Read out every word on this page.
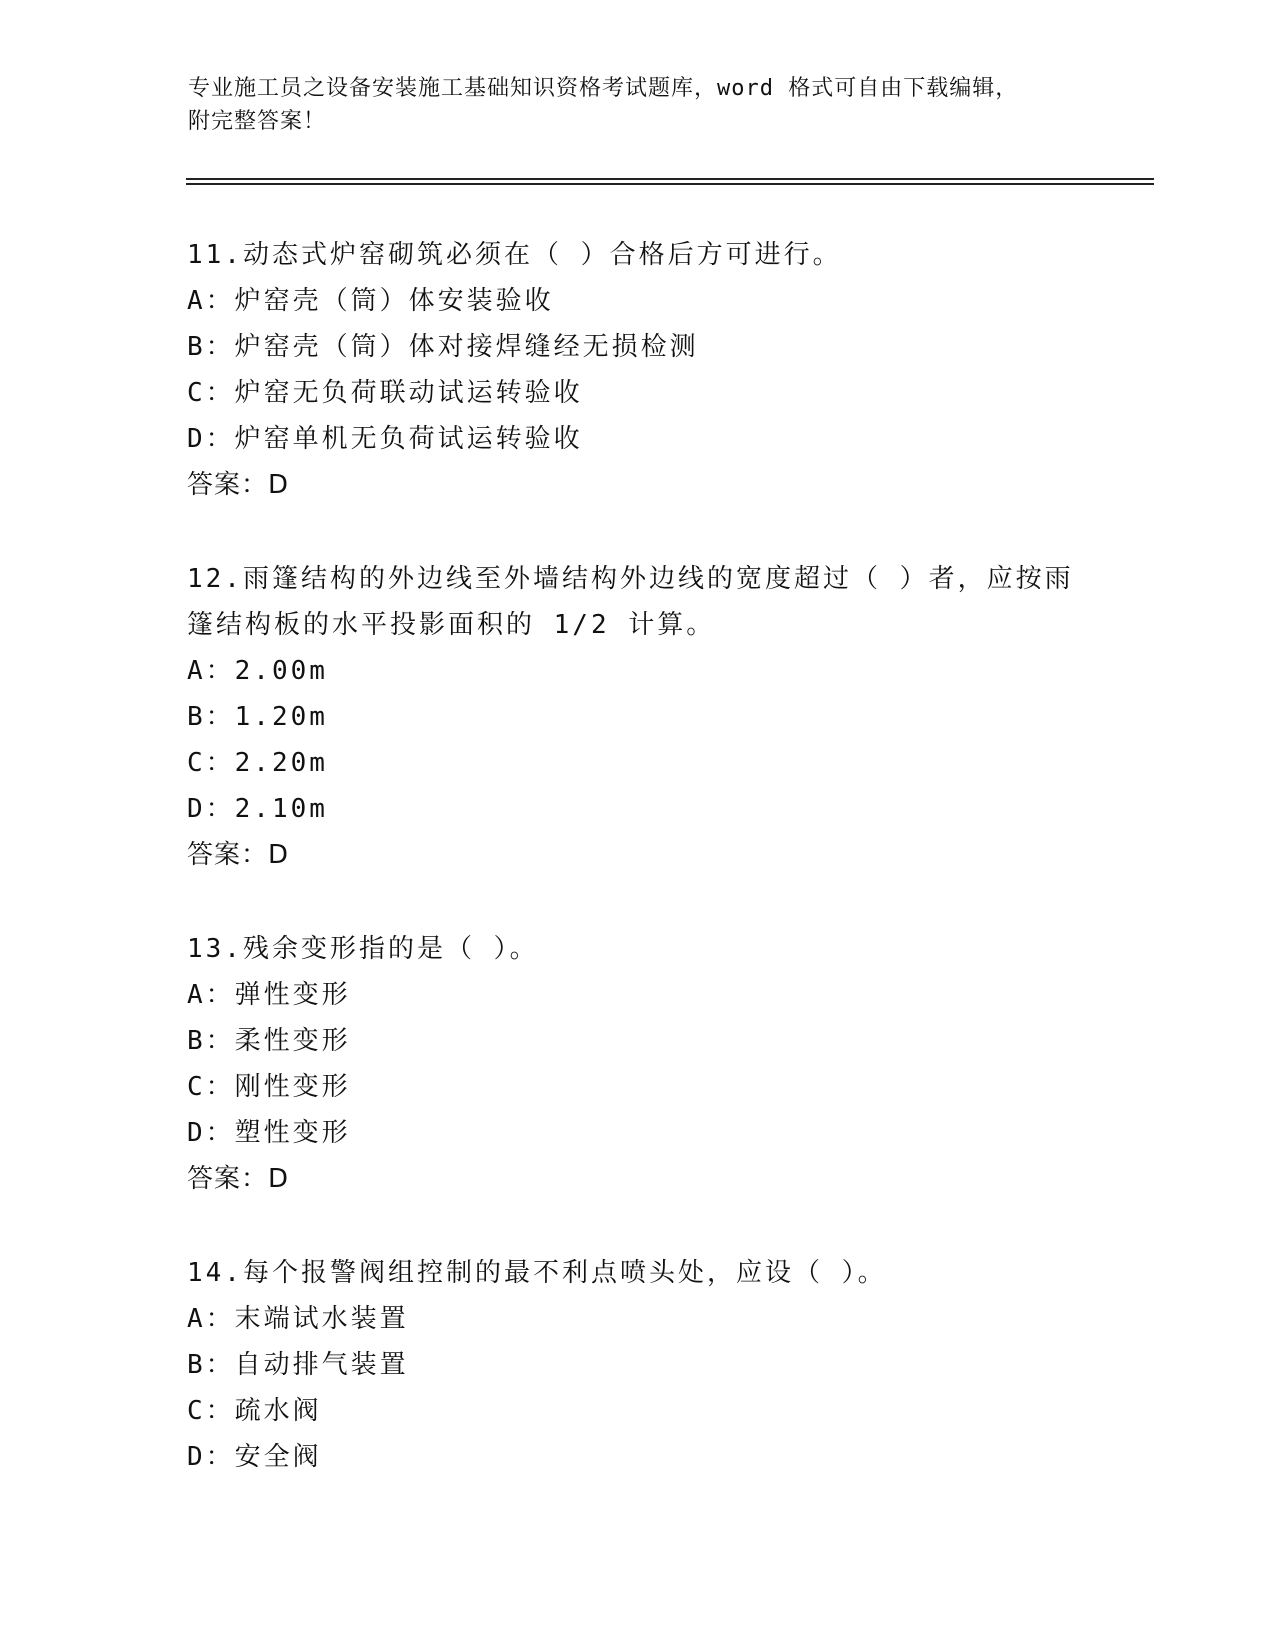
专业施工员之设备安装施工基础知识资格考试题库，word 格式可自由下载编辑，
附完整答案！
11.动态式炉窑砌筑必须在（ ）合格后方可进行。
A：炉窑壳（筒）体安装验收
B：炉窑壳（筒）体对接焊缝经无损检测
C：炉窑无负荷联动试运转验收
D：炉窑单机无负荷试运转验收
答案：D
12.雨篷结构的外边线至外墙结构外边线的宽度超过（ ）者，应按雨
篷结构板的水平投影面积的 1/2 计算。
A：2.00m
B：1.20m
C：2.20m
D：2.10m
答案：D
13.残余变形指的是（ ）。
A：弹性变形
B：柔性变形
C：刚性变形
D：塑性变形
答案：D
14.每个报警阀组控制的最不利点喷头处，应设（ ）。
A：末端试水装置
B：自动排气装置
C：疏水阀
D：安全阀
